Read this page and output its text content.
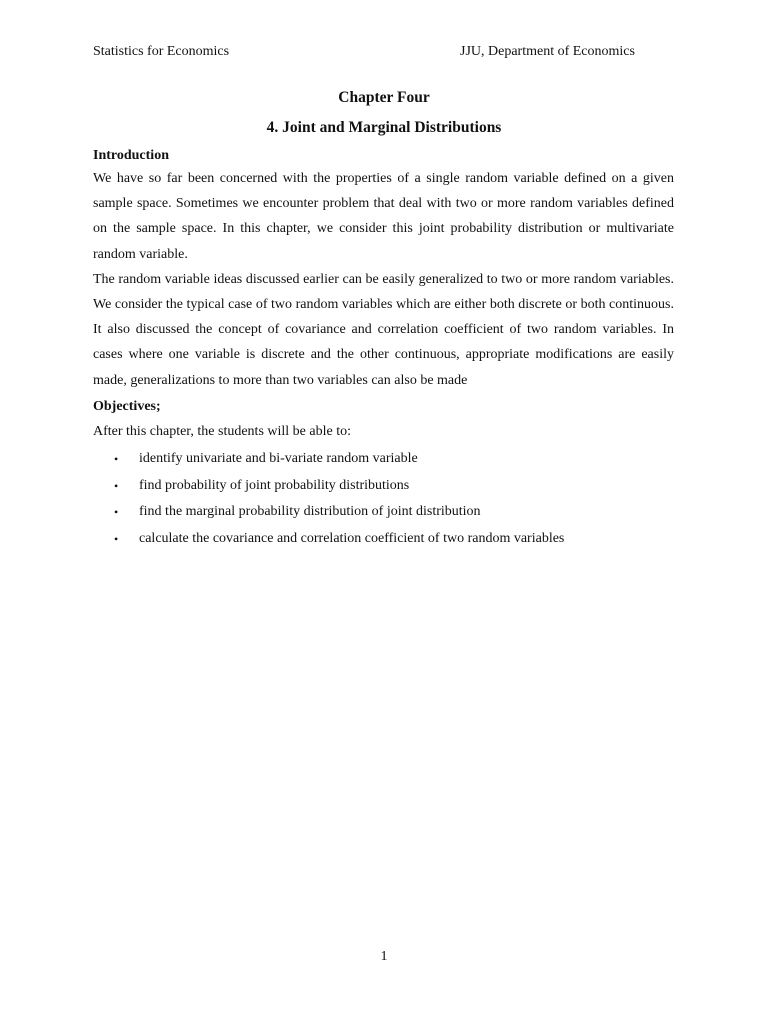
Statistics for Economics	JJU, Department of Economics
Chapter Four
4. Joint and Marginal Distributions

Introduction

We have so far been concerned with the properties of a single random variable defined on a given sample space. Sometimes we encounter problem that deal with two or more random variables defined on the sample space. In this chapter, we consider this joint probability distribution or multivariate random variable.

The random variable ideas discussed earlier can be easily generalized to two or more random variables. We consider the typical case of two random variables which are either both discrete or both continuous. It also discussed the concept of covariance and correlation coefficient of two random variables. In cases where one variable is discrete and the other continuous, appropriate modifications are easily made, generalizations to more than two variables can also be made

Objectives;

After this chapter, the students will be able to:

• identify univariate and bi-variate random variable
• find probability of joint probability distributions
• find the marginal probability distribution of joint distribution
• calculate the covariance and correlation coefficient of two random variables
1
